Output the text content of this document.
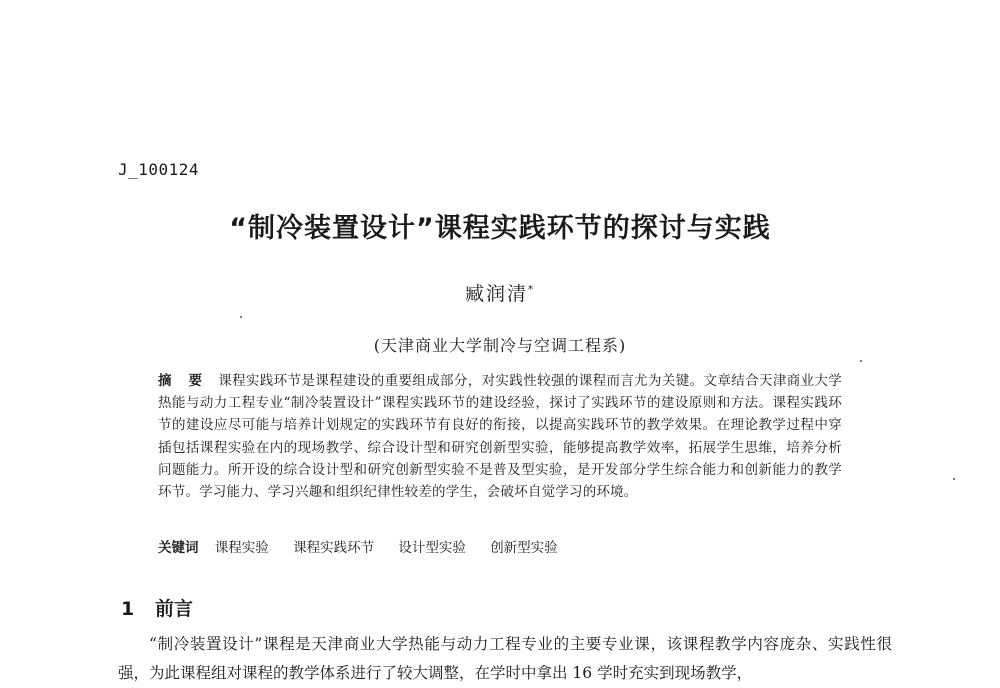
J_100124
“制冷装置设计”课程实践环节的探讨与实践
臧润清*
(天津商业大学制冷与空调工程系)
摘 要 课程实践环节是课程建设的重要组成部分，对实践性较强的课程而言尤为关键。文章结合天津商业大学热能与动力工程专业“制冷装置设计”课程实践环节的建设经验，探讨了实践环节的建设原则和方法。课程实践环节的建设应尽可能与培养计划规定的实践环节有良好的衔接，以提高实践环节的教学效果。在理论教学过程中穿插包括课程实验在内的现场教学、综合设计型和研究创新型实验，能够提高教学效率，拓展学生思维，培养分析问题能力。所开设的综合设计型和研究创新型实验不是普及型实验，是开发部分学生综合能力和创新能力的教学环节。学习能力、学习兴趣和组织纪律性较差的学生，会破坏自觉学习的环境。
关键词 课程实验 课程实践环节 设计型实验 创新型实验
1 前言

“制冷装置设计”课程是天津商业大学热能与动力工程专业的主要专业课，该课程教学内容庞杂、实践性很强，为此课程组对课程的教学体系进行了较大调整，在学时中拿出 16 学时充实到现场教学，
